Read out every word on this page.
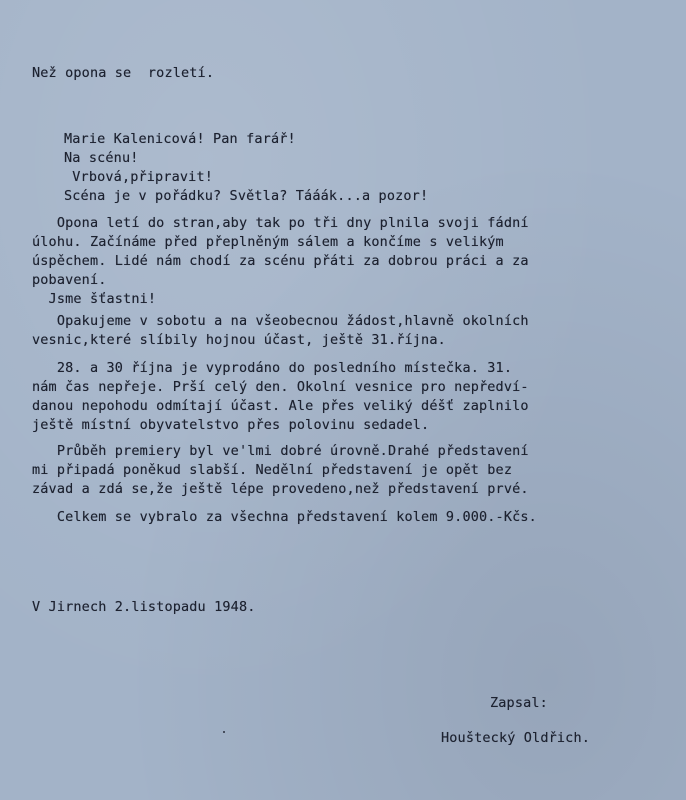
Než opona se  rozletí.
Marie Kalenicová! Pan farář!
Na scénu!
Vrbová,připravit!
Scéna je v pořádku? Světla? Tááák...a pozor!
Opona letí do stran,aby tak po tři dny plnila svoji fádní
úlohu. Začínáme před přeplněným sálem a končíme s velikým
úspěchem. Lidé nám chodí za scénu přáti za dobrou práci a za
pobavení.
Jsme šťastni!
Opakujeme v sobotu a na všeobecnou žádost,hlavně okolních
vesnic,které slíbily hojnou účast, ještě 31.října.
28. a 30 října je vyprodáno do posledního místečka. 31.
nám čas nepřeje. Prší celý den. Okolní vesnice pro nepředví-
danou nepohodu odmítají účast. Ale přes veliký déšť zaplnilo
ještě místní obyvatelstvo přes polovinu sedadel.
Průběh premiery byl ve'lmi dobré úrovně.Drahé představení
mi připadá poněkud slabší. Nedělní představení je opět bez
závad a zdá se,že ještě lépe provedeno,než představení prvé.
Celkem se vybralo za všechna představení kolem 9.000.-Kčs.
V Jirnech 2.listopadu 1948.
Zapsal:
Houštecký Oldřich.
